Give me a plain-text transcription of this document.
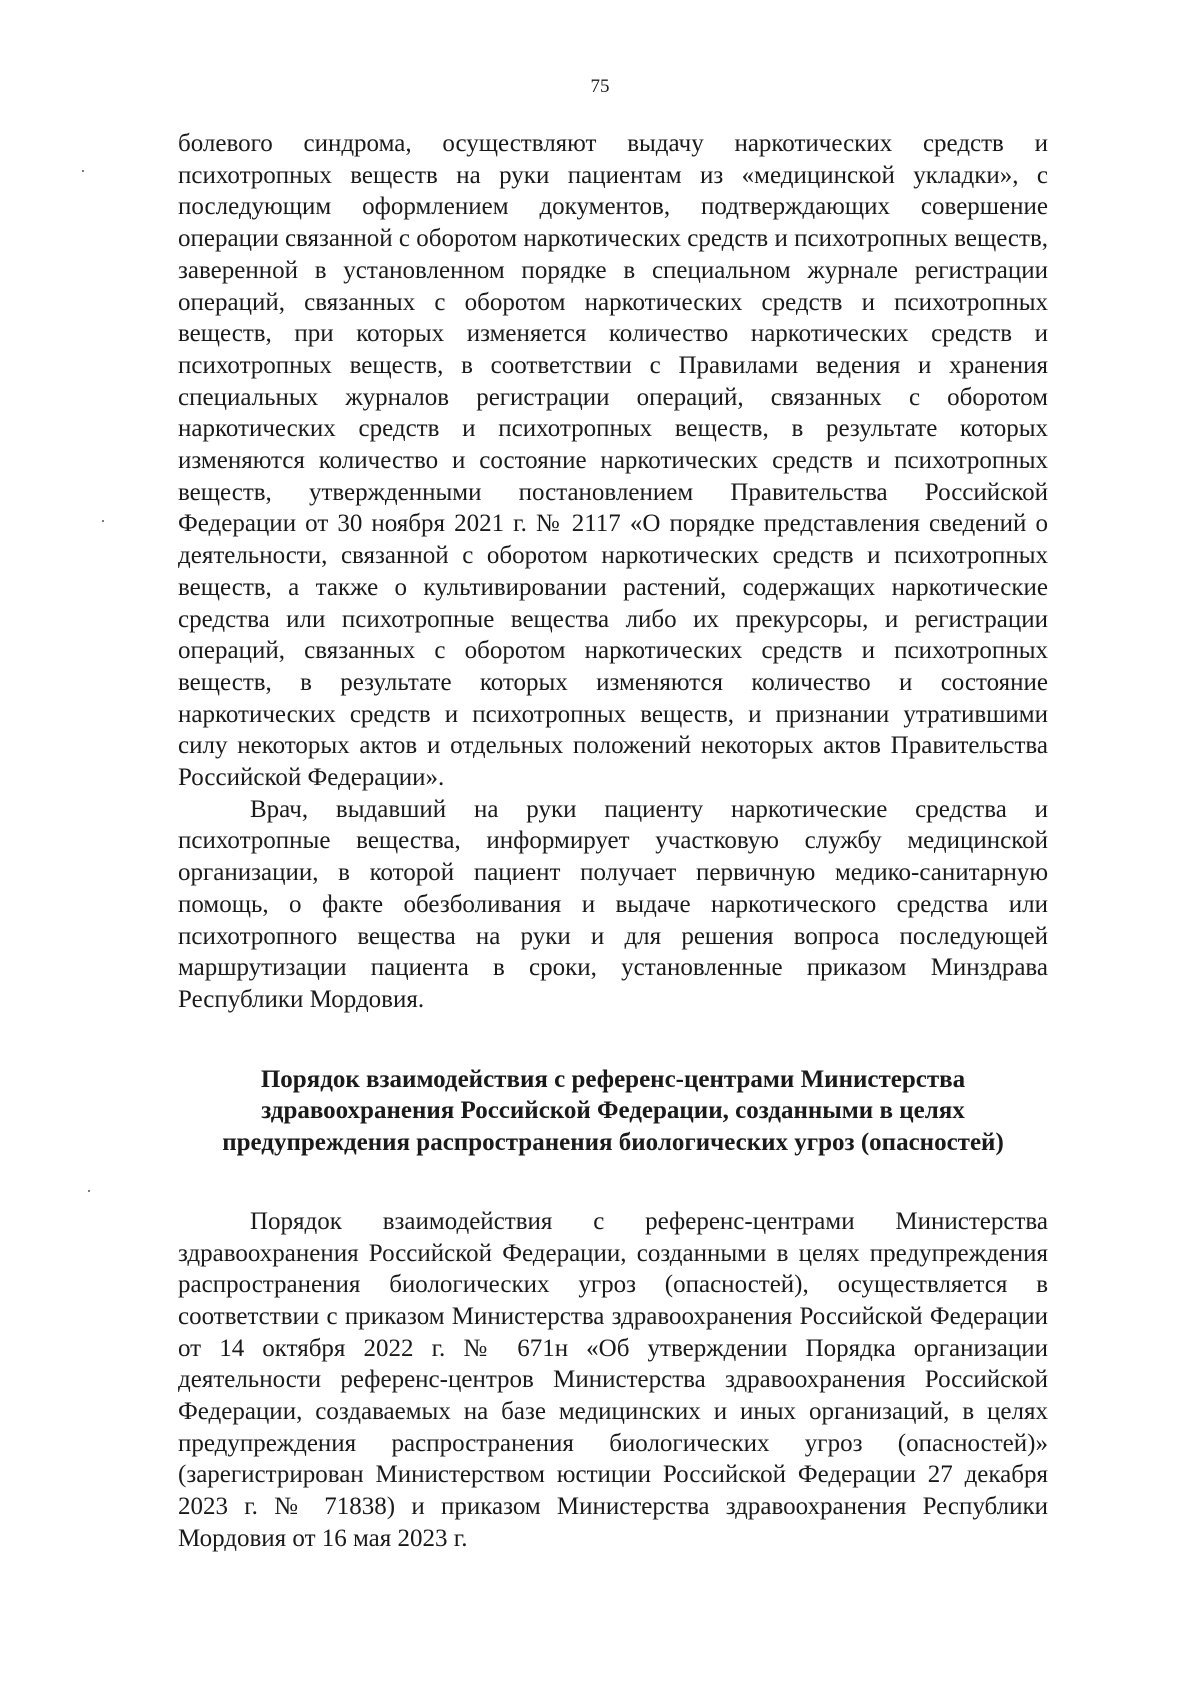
75

болевого синдрома, осуществляют выдачу наркотических средств и психотропных веществ на руки пациентам из «медицинской укладки», с последующим оформлением документов, подтверждающих совершение операции связанной с оборотом наркотических средств и психотропных веществ, заверенной в установленном порядке в специальном журнале регистрации операций, связанных с оборотом наркотических средств и психотропных веществ, при которых изменяется количество наркотических средств и психотропных веществ, в соответствии с Правилами ведения и хранения специальных журналов регистрации операций, связанных с оборотом наркотических средств и психотропных веществ, в результате которых изменяются количество и состояние наркотических средств и психотропных веществ, утвержденными постановлением Правительства Российской Федерации от 30 ноября 2021 г. № 2117 «О порядке представления сведений о деятельности, связанной с оборотом наркотических средств и психотропных веществ, а также о культивировании растений, содержащих наркотические средства или психотропные вещества либо их прекурсоры, и регистрации операций, связанных с оборотом наркотических средств и психотропных веществ, в результате которых изменяются количество и состояние наркотических средств и психотропных веществ, и признании утратившими силу некоторых актов и отдельных положений некоторых актов Правительства Российской Федерации».

Врач, выдавший на руки пациенту наркотические средства и психотропные вещества, информирует участковую службу медицинской организации, в которой пациент получает первичную медико-санитарную помощь, о факте обезболивания и выдаче наркотического средства или психотропного вещества на руки и для решения вопроса последующей маршрутизации пациента в сроки, установленные приказом Минздрава Республики Мордовия.

Порядок взаимодействия с референс-центрами Министерства здравоохранения Российской Федерации, созданными в целях предупреждения распространения биологических угроз (опасностей)

Порядок взаимодействия с референс-центрами Министерства здравоохранения Российской Федерации, созданными в целях предупреждения распространения биологических угроз (опасностей), осуществляется в соответствии с приказом Министерства здравоохранения Российской Федерации от 14 октября 2022 г. № 671н «Об утверждении Порядка организации деятельности референс-центров Министерства здравоохранения Российской Федерации, создаваемых на базе медицинских и иных организаций, в целях предупреждения распространения биологических угроз (опасностей)» (зарегистрирован Министерством юстиции Российской Федерации 27 декабря 2023 г. № 71838) и приказом Министерства здравоохранения Республики Мордовия от 16 мая 2023 г.
